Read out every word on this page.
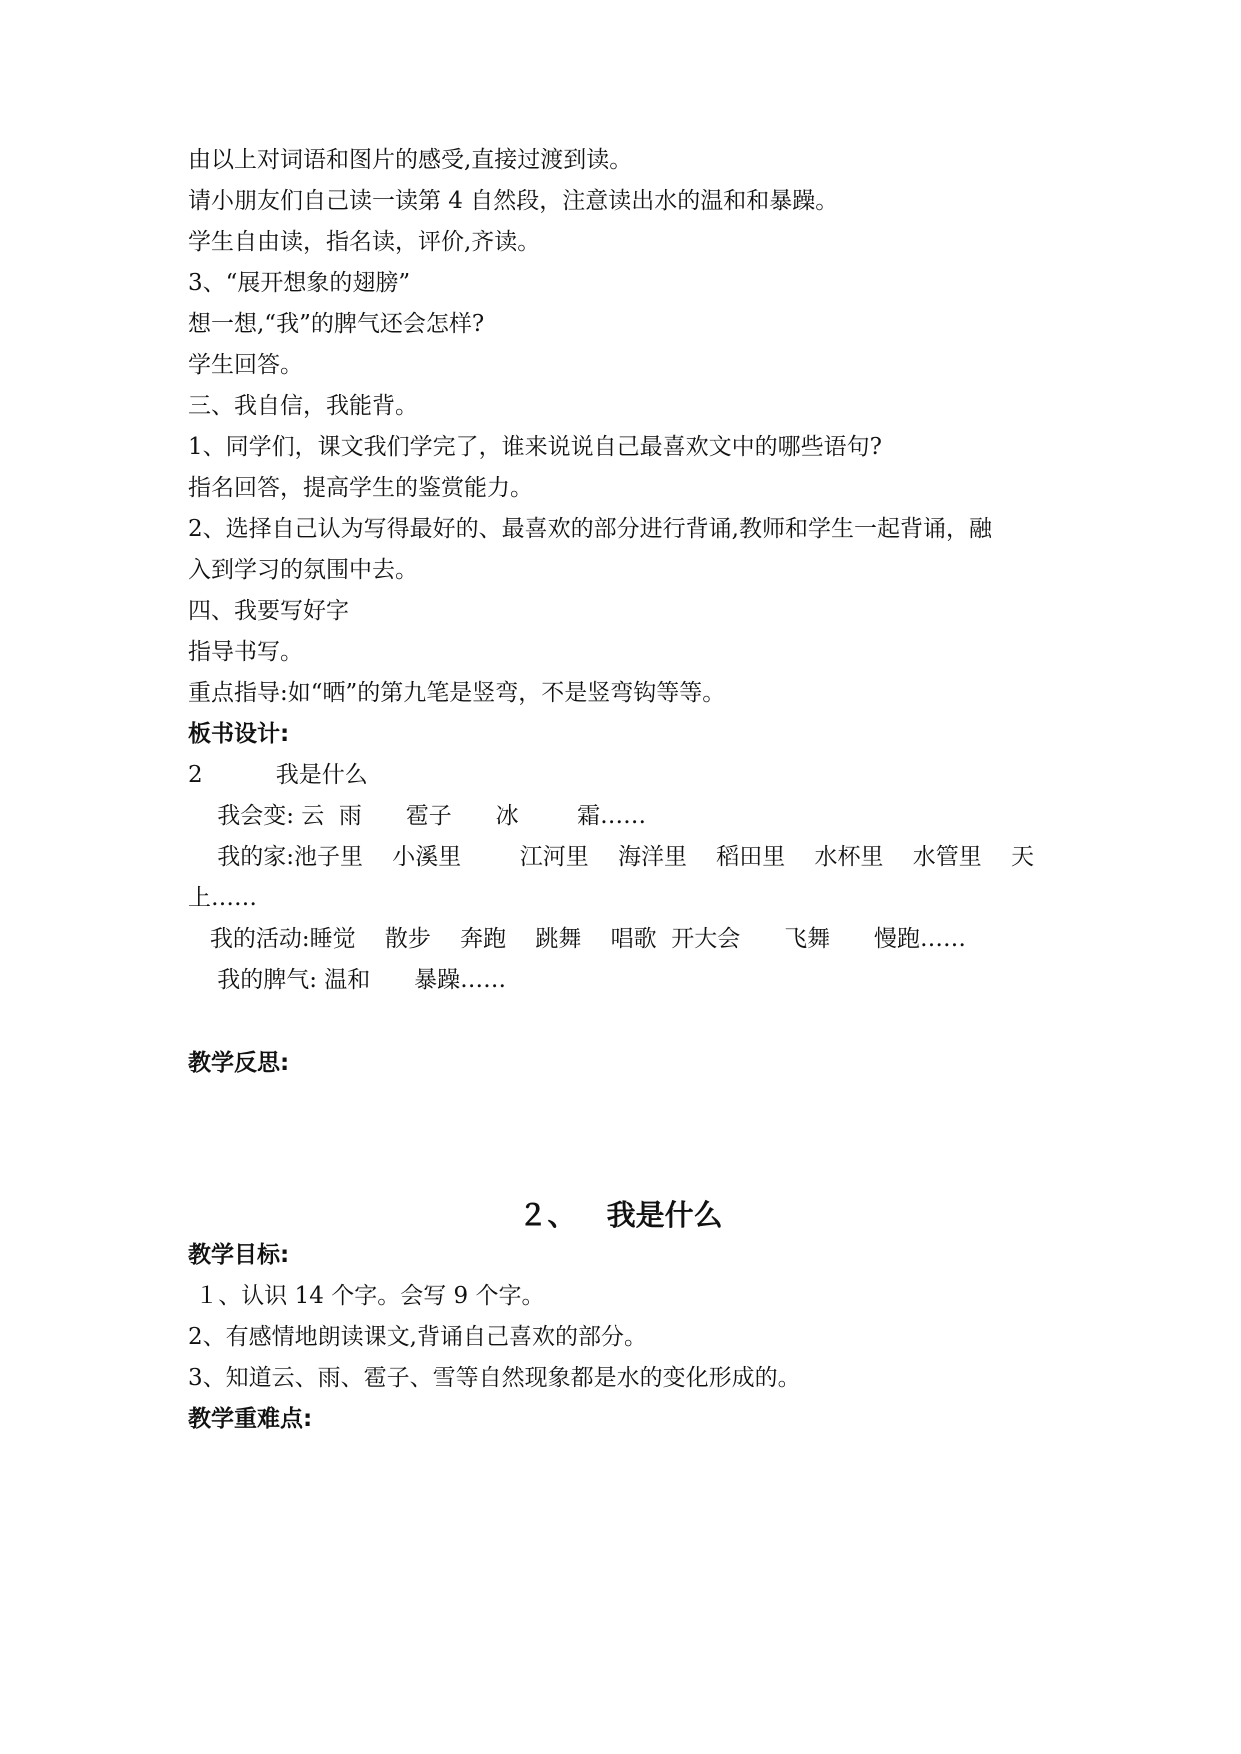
由以上对词语和图片的感受,直接过渡到读。
请小朋友们自己读一读第 4 自然段，注意读出水的温和和暴躁。
学生自由读，指名读，评价,齐读。
3、“展开想象的翅膀”
想一想,“我”的脾气还会怎样?
学生回答。
三、我自信，我能背。
1、同学们，课文我们学完了，谁来说说自己最喜欢文中的哪些语句?
指名回答，提高学生的鉴赏能力。
2、选择自己认为写得最好的、最喜欢的部分进行背诵,教师和学生一起背诵，融
入到学习的氛围中去。
四、我要写好字
指导书写。
重点指导:如“晒”的第九笔是竖弯，不是竖弯钩等等。
板书设计:
2          我是什么
我会变: 云  雨      雹子      冰        霜……
我的家:池子里    小溪里        江河里    海洋里    稻田里    水杯里    水管里    天
上……
我的活动:睡觉    散步    奔跑    跳舞    唱歌  开大会      飞舞      慢跑……
我的脾气: 温和      暴躁……
教学反思:
２、   我是什么
教学目标:
１、认识 14 个字。会写 9 个字。
2、有感情地朗读课文,背诵自己喜欢的部分。
3、知道云、雨、雹子、雪等自然现象都是水的变化形成的。
教学重难点:
